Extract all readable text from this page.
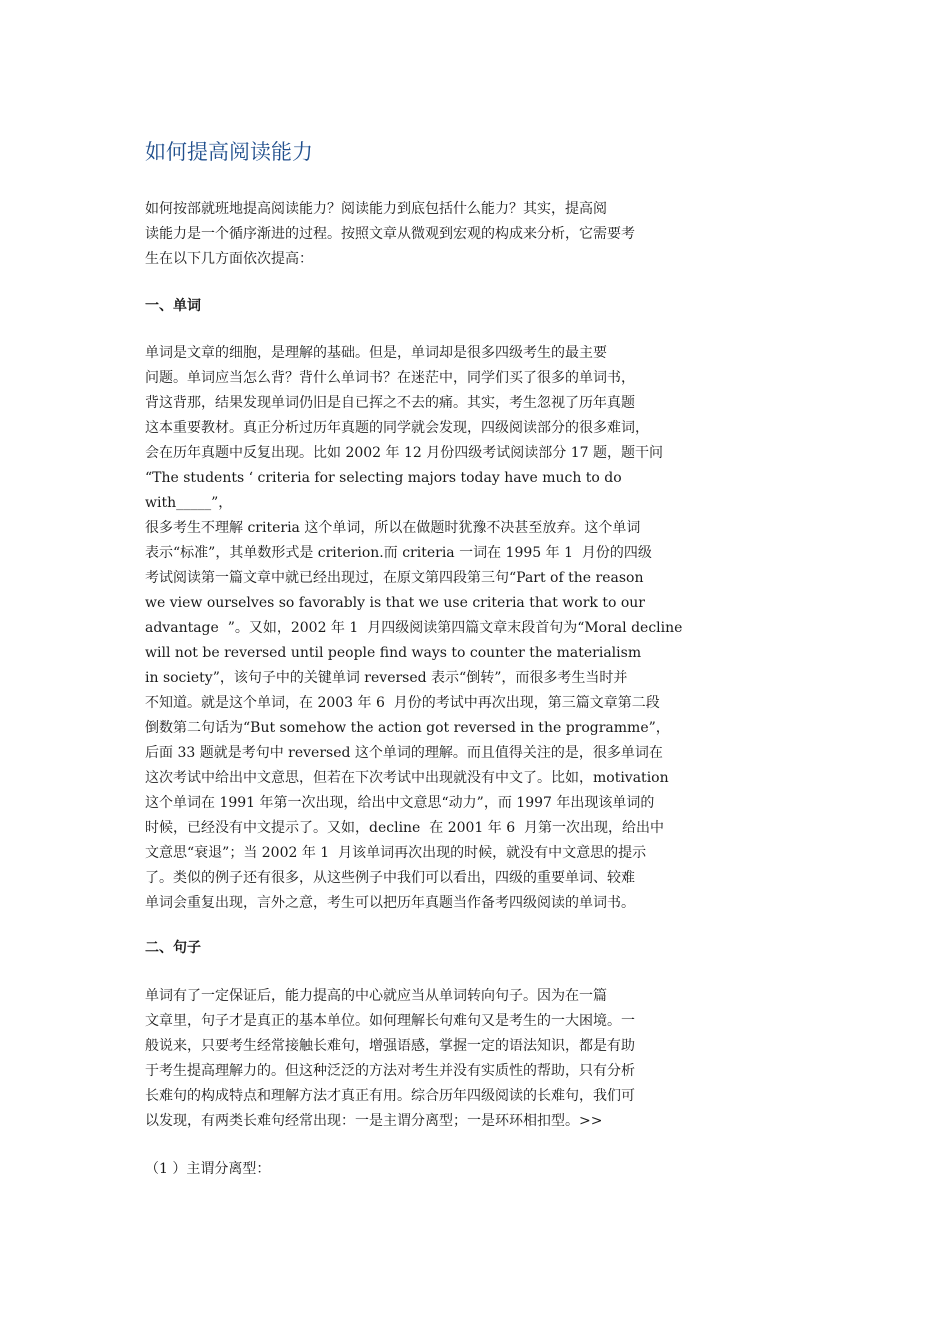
如何提高阅读能力
如何按部就班地提高阅读能力？阅读能力到底包括什么能力？其实，提高阅
读能力是一个循序渐进的过程。按照文章从微观到宏观的构成来分析，它需要考
生在以下几方面依次提高：
一、单词
单词是文章的细胞，是理解的基础。但是，单词却是很多四级考生的最主要
问题。单词应当怎么背？背什么单词书？在迷茫中，同学们买了很多的单词书，
背这背那，结果发现单词仍旧是自已挥之不去的痛。其实，考生忽视了历年真题
这本重要教材。真正分析过历年真题的同学就会发现，四级阅读部分的很多难词，
会在历年真题中反复出现。比如 2002 年 12 月份四级考试阅读部分 17 题，题干问
“The students ‘ criteria for selecting majors today have much to do
with_____”，
很多考生不理解 criteria 这个单词，所以在做题时犹豫不决甚至放弃。这个单词
表示“标准”，其单数形式是 criterion.而 criteria 一词在 1995 年 1  月份的四级
考试阅读第一篇文章中就已经出现过，在原文第四段第三句“Part of the reason
we view ourselves so favorably is that we use criteria that work to our
advantage  ”。又如，2002 年 1  月四级阅读第四篇文章末段首句为“Moral decline
will not be reversed until people find ways to counter the materialism
in society”，该句子中的关键单词 reversed 表示“倒转”，而很多考生当时并
不知道。就是这个单词，在 2003 年 6  月份的考试中再次出现，第三篇文章第二段
倒数第二句话为“But somehow the action got reversed in the programme”，
后面 33 题就是考句中 reversed 这个单词的理解。而且值得关注的是，很多单词在
这次考试中给出中文意思，但若在下次考试中出现就没有中文了。比如，motivation
这个单词在 1991 年第一次出现，给出中文意思“动力”，而 1997 年出现该单词的
时候，已经没有中文提示了。又如，decline  在 2001 年 6  月第一次出现，给出中
文意思“衰退”；当 2002 年 1  月该单词再次出现的时候，就没有中文意思的提示
了。类似的例子还有很多，从这些例子中我们可以看出，四级的重要单词、较难
单词会重复出现，言外之意，考生可以把历年真题当作备考四级阅读的单词书。
二、句子
单词有了一定保证后，能力提高的中心就应当从单词转向句子。因为在一篇
文章里，句子才是真正的基本单位。如何理解长句难句又是考生的一大困境。一
般说来，只要考生经常接触长难句，增强语感，掌握一定的语法知识，都是有助
于考生提高理解力的。但这种泛泛的方法对考生并没有实质性的帮助，只有分析
长难句的构成特点和理解方法才真正有用。综合历年四级阅读的长难句，我们可
以发现，有两类长难句经常出现：一是主谓分离型；一是环环相扣型。>>
（1 ）主谓分离型：
